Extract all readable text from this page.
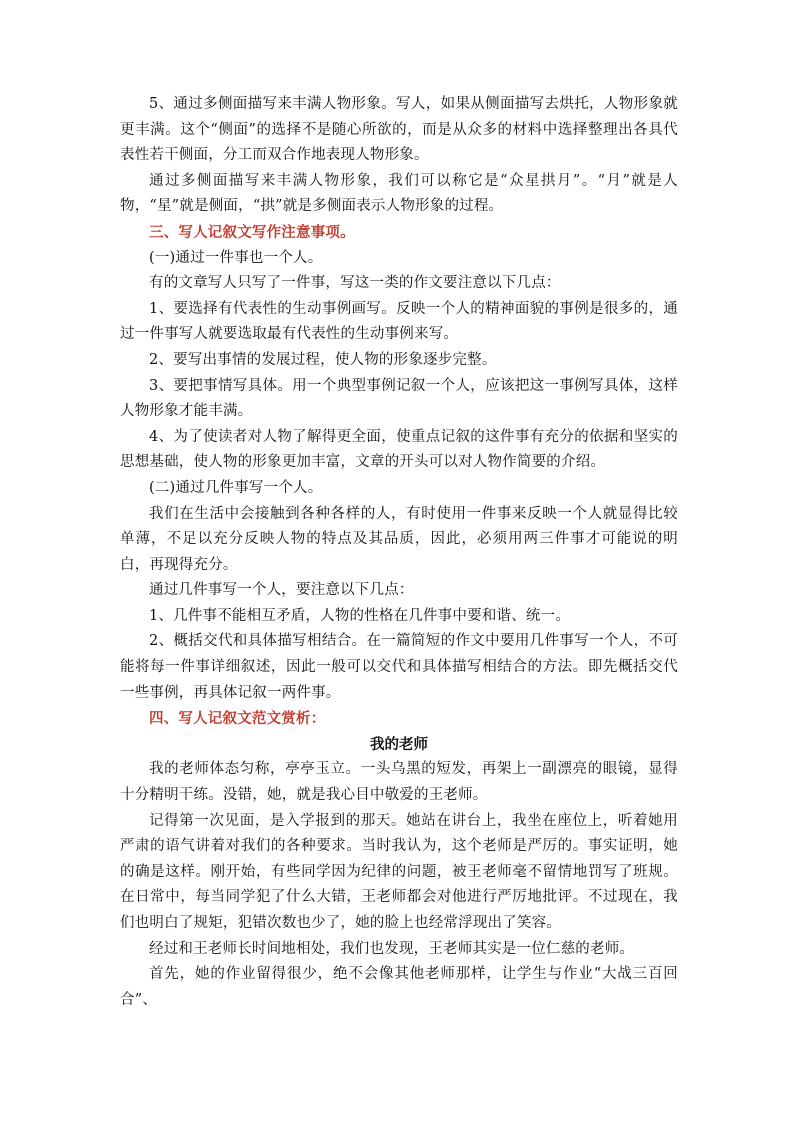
5、通过多侧面描写来丰满人物形象。写人，如果从侧面描写去烘托，人物形象就更丰满。这个“侧面”的选择不是随心所欲的，而是从众多的材料中选择整理出各具代表性若干侧面，分工而双合作地表现人物形象。

通过多侧面描写来丰满人物形象，我们可以称它是“众星拱月”。“月”就是人物，“星”就是侧面，“拱”就是多侧面表示人物形象的过程。

三、写人记叙文写作注意事项。

(一)通过一件事也一个人。

有的文章写人只写了一件事，写这一类的作文要注意以下几点：

1、要选择有代表性的生动事例画写。反映一个人的精神面貌的事例是很多的，通过一件事写人就要选取最有代表性的生动事例来写。

2、要写出事情的发展过程，使人物的形象逐步完整。

3、要把事情写具体。用一个典型事例记叙一个人，应该把这一事例写具体，这样人物形象才能丰满。

4、为了使读者对人物了解得更全面，使重点记叙的这件事有充分的依据和坚实的思想基础，使人物的形象更加丰富，文章的开头可以对人物作简要的介绍。

(二)通过几件事写一个人。

我们在生活中会接触到各种各样的人，有时使用一件事来反映一个人就显得比较单薄，不足以充分反映人物的特点及其品质，因此，必须用两三件事才可能说的明白，再现得充分。

通过几件事写一个人，要注意以下几点：

1、几件事不能相互矛盾，人物的性格在几件事中要和谐、统一。

2、概括交代和具体描写相结合。在一篇简短的作文中要用几件事写一个人，不可能将每一件事详细叙述，因此一般可以交代和具体描写相结合的方法。即先概括交代一些事例，再具体记叙一两件事。

四、写人记叙文范文赏析：

我的老师

我的老师体态匀称，亭亭玉立。一头乌黑的短发，再架上一副漂亮的眼镜，显得十分精明干练。没错，她，就是我心目中敬爱的王老师。

记得第一次见面，是入学报到的那天。她站在讲台上，我坐在座位上，听着她用严肃的语气讲着对我们的各种要求。当时我认为，这个老师是严厉的。事实证明，她的确是这样。刚开始，有些同学因为纪律的问题，被王老师毫不留情地罚写了班规。在日常中，每当同学犯了什么大错，王老师都会对他进行严厉地批评。不过现在，我们也明白了规矩，犯错次数也少了，她的脸上也经常浮现出了笑容。

经过和王老师长时间地相处，我们也发现，王老师其实是一位仁慈的老师。

首先，她的作业留得很少，绝不会像其他老师那样，让学生与作业“大战三百回合”、
